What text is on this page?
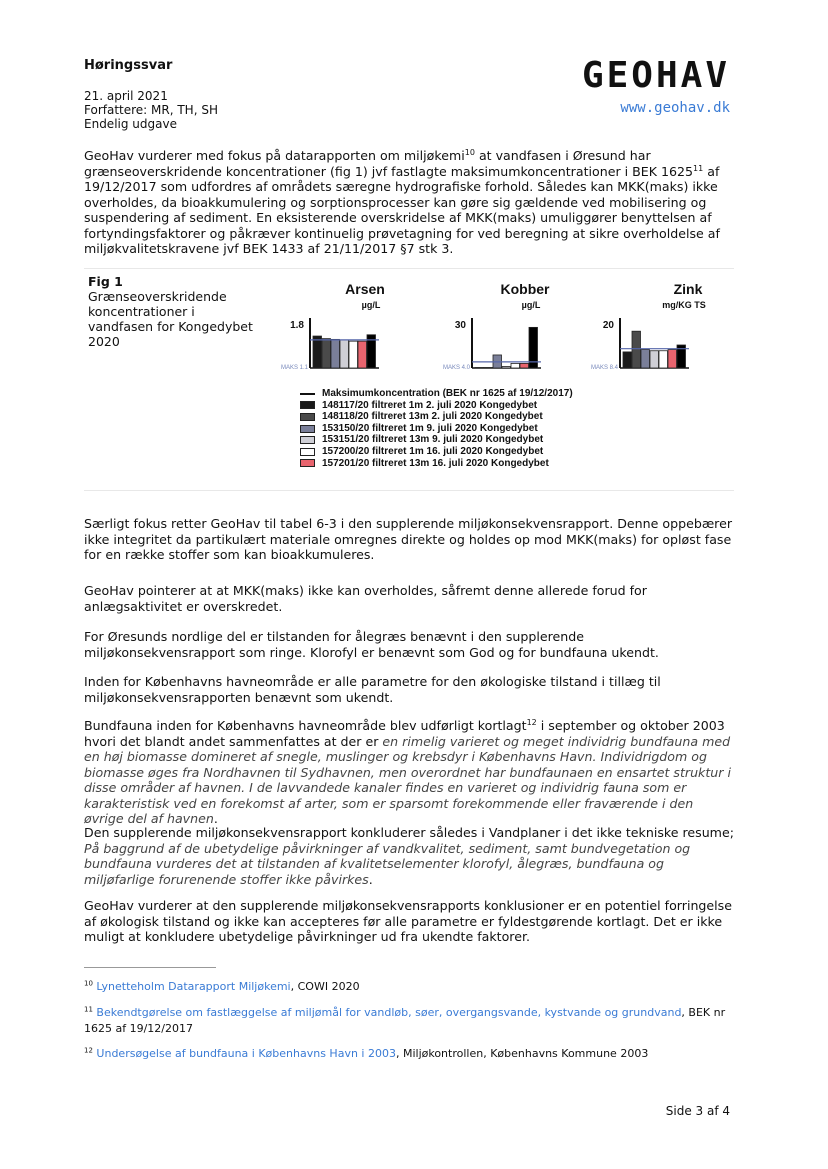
Høringssvar
21. april 2021
Forfattere: MR, TH, SH
Endelig udgave
GEOHAV
www.geohav.dk
GeoHav vurderer med fokus på datarapporten om miljøkemi$^{10}$ at vandfasen i Øresund har grænseoverskridende koncentrationer (fig 1) jvf fastlagte maksimumkoncentrationer i BEK 1625$^{11}$ af 19/12/2017 som udfordres af områdets særegne hydrografiske forhold. Således kan MKK(maks) ikke overholdes, da bioakkumulering og sorptionsprocesser kan gøre sig gældende ved mobilisering og suspendering af sediment. En eksisterende overskridelse af MKK(maks) umuliggører benyttelsen af fortyndingsfaktorer og påkræver kontinuelig prøvetagning for ved beregning at sikre overholdelse af miljøkvalitetskravene jvf BEK 1433 af 21/11/2017 §7 stk 3.
Fig 1
Grænseoverskridende koncentrationer i vandfasen for Kongedybet 2020
Arsen
µg/L
1.8
MAKS 1.1
Kobber
µg/L
30
MAKS 4.0
Zink
mg/KG TS
20
MAKS 8.4
Maksimumkoncentration (BEK nr 1625 af 19/12/2017)
148117/20 filtreret 1m 2. juli 2020 Kongedybet
148118/20 filtreret 13m 2. juli 2020 Kongedybet
153150/20 filtreret 1m 9. juli 2020 Kongedybet
153151/20 filtreret 13m 9. juli 2020 Kongedybet
157200/20 filtreret 1m 16. juli 2020 Kongedybet
157201/20 filtreret 13m 16. juli 2020 Kongedybet
Særligt fokus retter GeoHav til tabel 6-3 i den supplerende miljøkonsekvensrapport. Denne oppebærer ikke integritet da partikulært materiale omregnes direkte og holdes op mod MKK(maks) for opløst fase for en række stoffer som kan bioakkumuleres.
GeoHav pointerer at at MKK(maks) ikke kan overholdes, såfremt denne allerede forud for anlægsaktivitet er overskredet.
For Øresunds nordlige del er tilstanden for ålegræs benævnt i den supplerende miljøkonsekvensrapport som ringe. Klorofyl er benævnt som God og for bundfauna ukendt.
Inden for Københavns havneområde er alle parametre for den økologiske tilstand i tillæg til miljøkonsekvensrapporten benævnt som ukendt.
Bundfauna inden for Københavns havneområde blev udførligt kortlagt$^{12}$ i september og oktober 2003 hvori det blandt andet sammenfattes at der er en rimelig varieret og meget individrig bundfauna med en høj biomasse domineret af snegle, muslinger og krebsdyr i Københavns Havn. Individrigdom og biomasse øges fra Nordhavnen til Sydhavnen, men overordnet har bundfaunaen en ensartet struktur i disse områder af havnen. I de lavvandede kanaler findes en varieret og individrig fauna som er karakteristisk ved en forekomst af arter, som er sparsomt forekommende eller fraværende i den øvrige del af havnen.
Den supplerende miljøkonsekvensrapport konkluderer således i Vandplaner i det ikke tekniske resume; På baggrund af de ubetydelige påvirkninger af vandkvalitet, sediment, samt bundvegetation og bundfauna vurderes det at tilstanden af kvalitetselementer klorofyl, ålegræs, bundfauna og miljøfarlige forurenende stoffer ikke påvirkes.
GeoHav vurderer at den supplerende miljøkonsekvensrapports konklusioner er en potentiel forringelse af økologisk tilstand og ikke kan accepteres før alle parametre er fyldestgørende kortlagt. Det er ikke muligt at konkludere ubetydelige påvirkninger ud fra ukendte faktorer.
$^{10}$ Lynetteholm Datarapport Miljøkemi, COWI 2020
$^{11}$ Bekendtgørelse om fastlæggelse af miljømål for vandløb, søer, overgangsvande, kystvande og grundvand, BEK nr 1625 af 19/12/2017
$^{12}$ Undersøgelse af bundfauna i Københavns Havn i 2003, Miljøkontrollen, Københavns Kommune 2003
Side 3 af 4
